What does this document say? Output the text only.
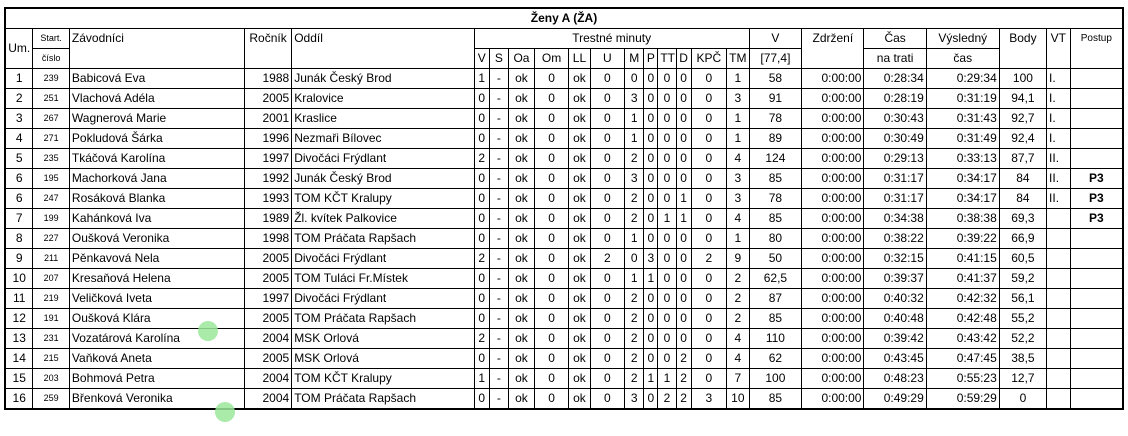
Ženy A (ŽA)																							
Um.	Start.	Závodníci	Ročník	Oddíl	Trestné minuty												V	Zdržení	Čas	Výsledný	Body	VT	Postup
	číslo				V	S	Oa	Om	LL	U	M	P	TT	D	KPČ	TM	[77,4]		na trati	čas			
1	239	Babicová Eva	1988	Junák Český Brod	1	-	ok	0	ok	0	0	0	0	0	0	1	58	0:00:00	0:28:34	0:29:34	100	I.	
2	251	Vlachová Adéla	2005	Kralovice	0	-	ok	0	ok	0	3	0	0	0	0	3	91	0:00:00	0:28:19	0:31:19	94,1	I.	
3	267	Wagnerová Marie	2001	Kraslice	0	-	ok	0	ok	0	1	0	0	0	0	1	78	0:00:00	0:30:43	0:31:43	92,7	I.	
4	271	Pokludová Šárka	1996	Nezmaři Bílovec	0	-	ok	0	ok	0	1	0	0	0	0	1	89	0:00:00	0:30:49	0:31:49	92,4	I.	
5	235	Tkáčová Karolína	1997	Divočáci Frýdlant	2	-	ok	0	ok	0	2	0	0	0	0	4	124	0:00:00	0:29:13	0:33:13	87,7	II.	
6	195	Machorková Jana	1992	Junák Český Brod	0	-	ok	0	ok	0	3	0	0	0	0	3	85	0:00:00	0:31:17	0:34:17	84	II.	P3
6	247	Rosáková Blanka	1993	TOM KČT Kralupy	0	-	ok	0	ok	0	2	0	0	1	0	3	78	0:00:00	0:31:17	0:34:17	84	II.	P3
7	199	Kahánková Iva	1989	Žl. kvítek Palkovice	0	-	ok	0	ok	0	2	0	1	1	0	4	85	0:00:00	0:34:38	0:38:38	69,3		P3
8	227	Oušková Veronika	1998	TOM Práčata Rapšach	0	-	ok	0	ok	0	1	0	0	0	0	1	80	0:00:00	0:38:22	0:39:22	66,9		
9	211	Pěnkavová Nela	2005	Divočáci Frýdlant	2	-	ok	0	ok	2	0	3	0	0	2	9	50	0:00:00	0:32:15	0:41:15	60,5		
10	207	Kresaňová Helena	2005	TOM Tuláci Fr.Místek	0	-	ok	0	ok	0	1	1	0	0	0	2	62,5	0:00:00	0:39:37	0:41:37	59,2		
11	219	Veličková Iveta	1997	Divočáci Frýdlant	0	-	ok	0	ok	0	2	0	0	0	0	2	87	0:00:00	0:40:32	0:42:32	56,1		
12	191	Oušková Klára	2005	TOM Práčata Rapšach	0	-	ok	0	ok	0	2	0	0	0	0	2	85	0:00:00	0:40:48	0:42:48	55,2		
13	231	Vozatárová Karolína	2004	MSK Orlová	2	-	ok	0	ok	0	2	0	0	0	0	4	110	0:00:00	0:39:42	0:43:42	52,2		
14	215	Vaňková Aneta	2005	MSK Orlová	0	-	ok	0	ok	0	2	0	0	2	0	4	62	0:00:00	0:43:45	0:47:45	38,5		
15	203	Bohmová Petra	2004	TOM KČT Kralupy	1	-	ok	0	ok	0	2	1	1	2	0	7	100	0:00:00	0:48:23	0:55:23	12,7		
16	259	Břenková Veronika	2004	TOM Práčata Rapšach	0	-	ok	0	ok	0	3	0	2	2	3	10	85	0:00:00	0:49:29	0:59:29	0		
